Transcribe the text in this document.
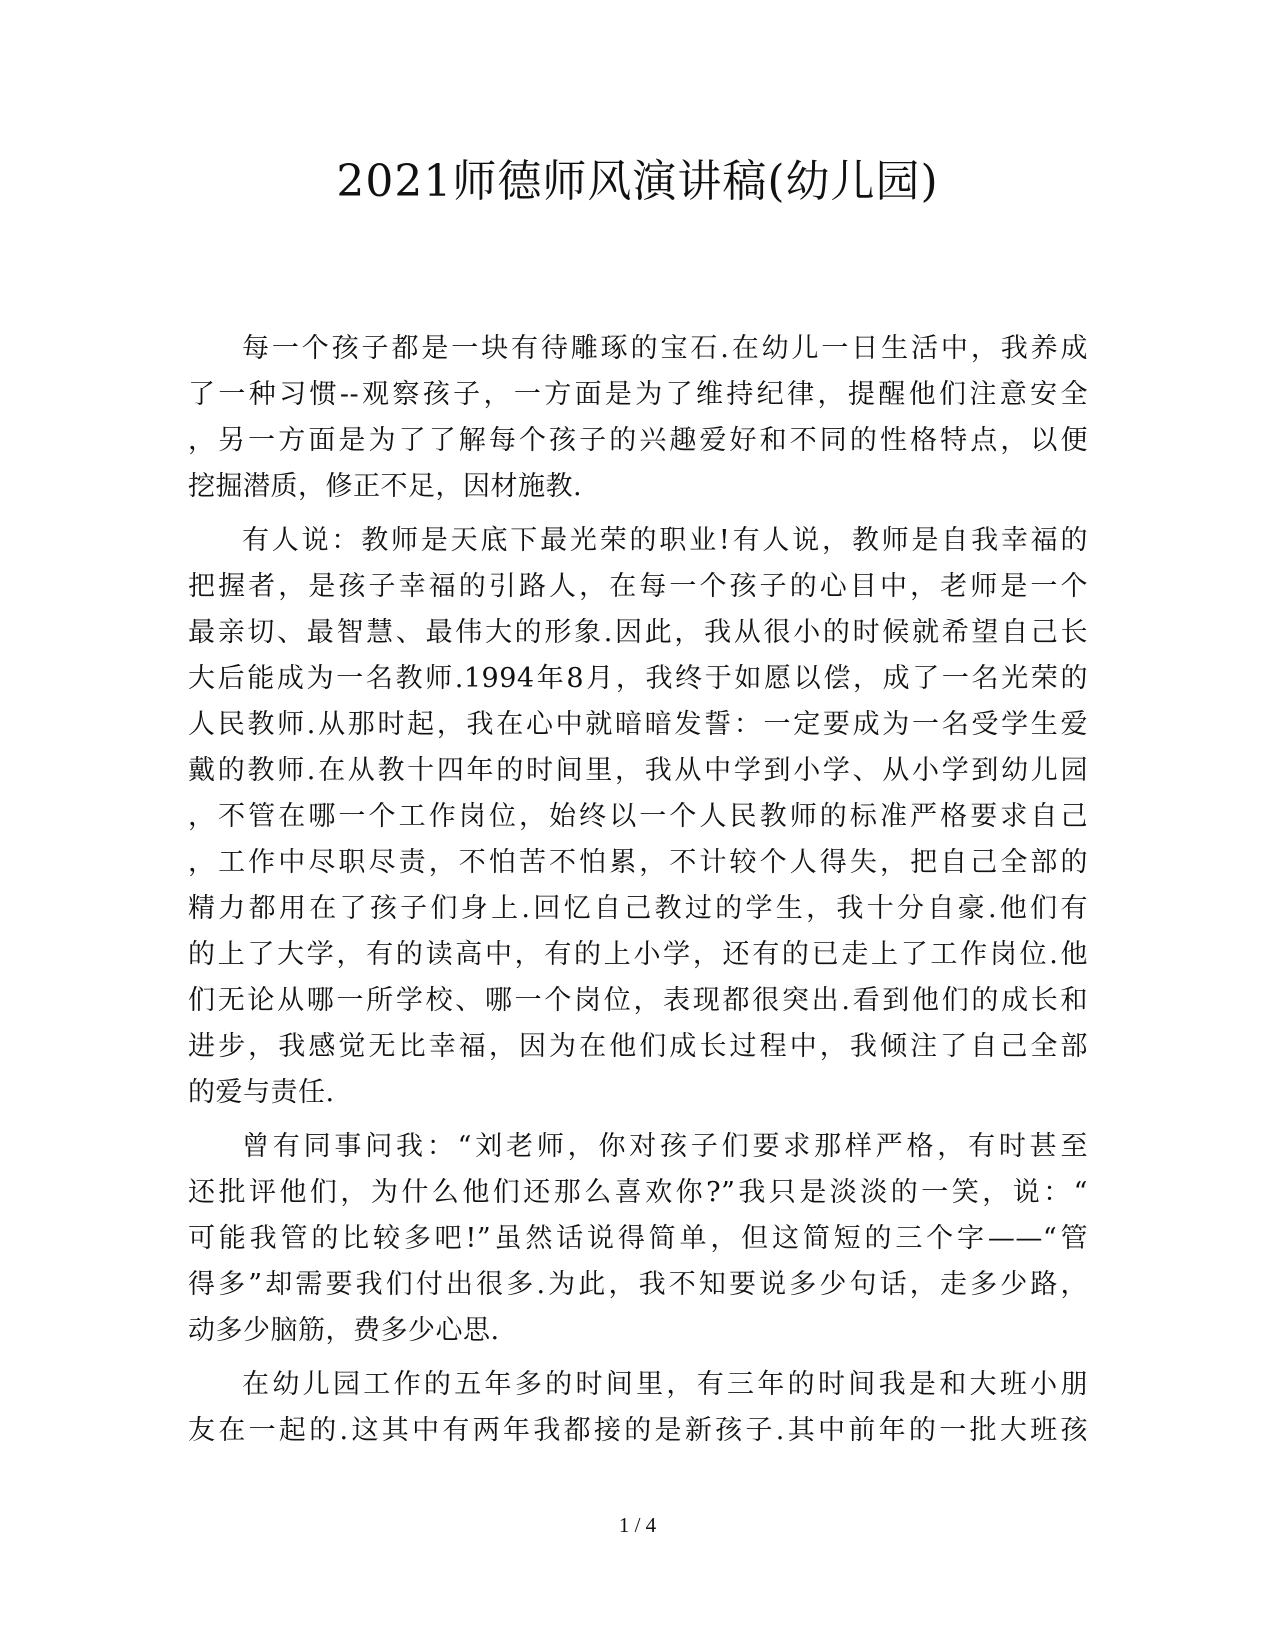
2021师德师风演讲稿(幼儿园)
每一个孩子都是一块有待雕琢的宝石.在幼儿一日生活中，我养成
了一种习惯--观察孩子，一方面是为了维持纪律，提醒他们注意安全
，另一方面是为了了解每个孩子的兴趣爱好和不同的性格特点，以便
挖掘潜质，修正不足，因材施教.
有人说：教师是天底下最光荣的职业!有人说，教师是自我幸福的
把握者，是孩子幸福的引路人，在每一个孩子的心目中，老师是一个
最亲切、最智慧、最伟大的形象.因此，我从很小的时候就希望自己长
大后能成为一名教师.1994年8月，我终于如愿以偿，成了一名光荣的
人民教师.从那时起，我在心中就暗暗发誓：一定要成为一名受学生爱
戴的教师.在从教十四年的时间里，我从中学到小学、从小学到幼儿园
，不管在哪一个工作岗位，始终以一个人民教师的标准严格要求自己
，工作中尽职尽责，不怕苦不怕累，不计较个人得失，把自己全部的
精力都用在了孩子们身上.回忆自己教过的学生，我十分自豪.他们有
的上了大学，有的读高中，有的上小学，还有的已走上了工作岗位.他
们无论从哪一所学校、哪一个岗位，表现都很突出.看到他们的成长和
进步，我感觉无比幸福，因为在他们成长过程中，我倾注了自己全部
的爱与责任.
曾有同事问我：“刘老师，你对孩子们要求那样严格，有时甚至
还批评他们，为什么他们还那么喜欢你?”我只是淡淡的一笑，说：“
可能我管的比较多吧!”虽然话说得简单，但这简短的三个字——“管
得多”却需要我们付出很多.为此，我不知要说多少句话，走多少路，
动多少脑筋，费多少心思.
在幼儿园工作的五年多的时间里，有三年的时间我是和大班小朋
友在一起的.这其中有两年我都接的是新孩子.其中前年的一批大班孩
1 / 4
